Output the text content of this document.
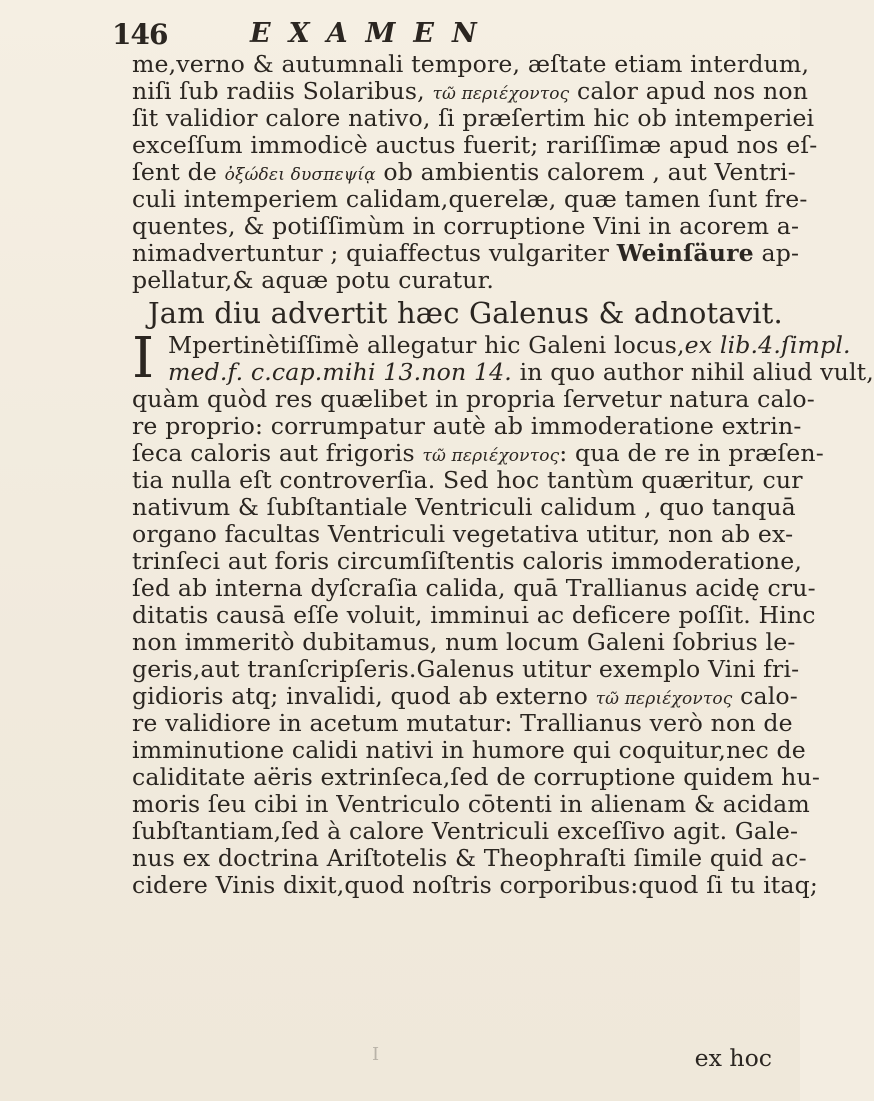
146	EXAMEN
me,verno & autumnali tempore, æſtate etiam interdum,
niſi ſub radiis Solaribus, τῶ περιέχοντος calor apud nos non
ſit validior calore nativo, ſi præſertim hic ob intemperiei
exceſſum immodicè auctus fuerit; rariſſimæ apud nos eſ-
ſent de ὀξώδει δυσπεψίᾳ ob ambientis calorem , aut Ventri-
culi intemperiem calidam,querelæ, quæ tamen ſunt fre-
quentes, & potiſſimùm in corruptione Vini in acorem a-
nimadvertuntur ; quiaffectus vulgariter Weinſäure ap-
pellatur,& aquæ potu curatur.
Jam diu advertit hæc Galenus & adnotavit.
I Mpertinètiſſimè allegatur hic Galeni locus,ex lib.4.ſimpl.
med.f. c.cap.mihi 13.non 14. in quo author nihil aliud vult,
quàm quòd res quælibet in propria ſervetur natura calo-
re proprio: corrumpatur autè ab immoderatione extrin-
ſeca caloris aut frigoris τῶ περιέχοντος: qua de re in præſen-
tia nulla eſt controverſia. Sed hoc tantùm quæritur, cur
nativum & ſubſtantiale Ventriculi calidum , quo tanquā
organo facultas Ventriculi vegetativa utitur, non ab ex-
trinſeci aut foris circumſiſtentis caloris immoderatione,
ſed ab interna dyſcraſia calida, quā Trallianus acidę cru-
ditatis causā eſſe voluit, imminui ac deficere poſſit. Hinc
non immeritò dubitamus, num locum Galeni ſobrius le-
geris,aut tranſcripſeris.Galenus utitur exemplo Vini fri-
gidioris atq; invalidi, quod ab externo τῶ περιέχοντος calo-
re validiore in acetum mutatur: Trallianus verò non de
imminutione calidi nativi in humore qui coquitur,nec de
caliditate aëris extrinſeca,ſed de corruptione quidem hu-
moris ſeu cibi in Ventriculo cōtenti in alienam & acidam
ſubſtantiam,ſed à calore Ventriculi exceſſivo agit. Gale-
nus ex doctrina Ariſtotelis & Theophraſti ſimile quid ac-
cidere Vinis dixit,quod noſtris corporibus:quod ſi tu itaq;
I	ex hoc
